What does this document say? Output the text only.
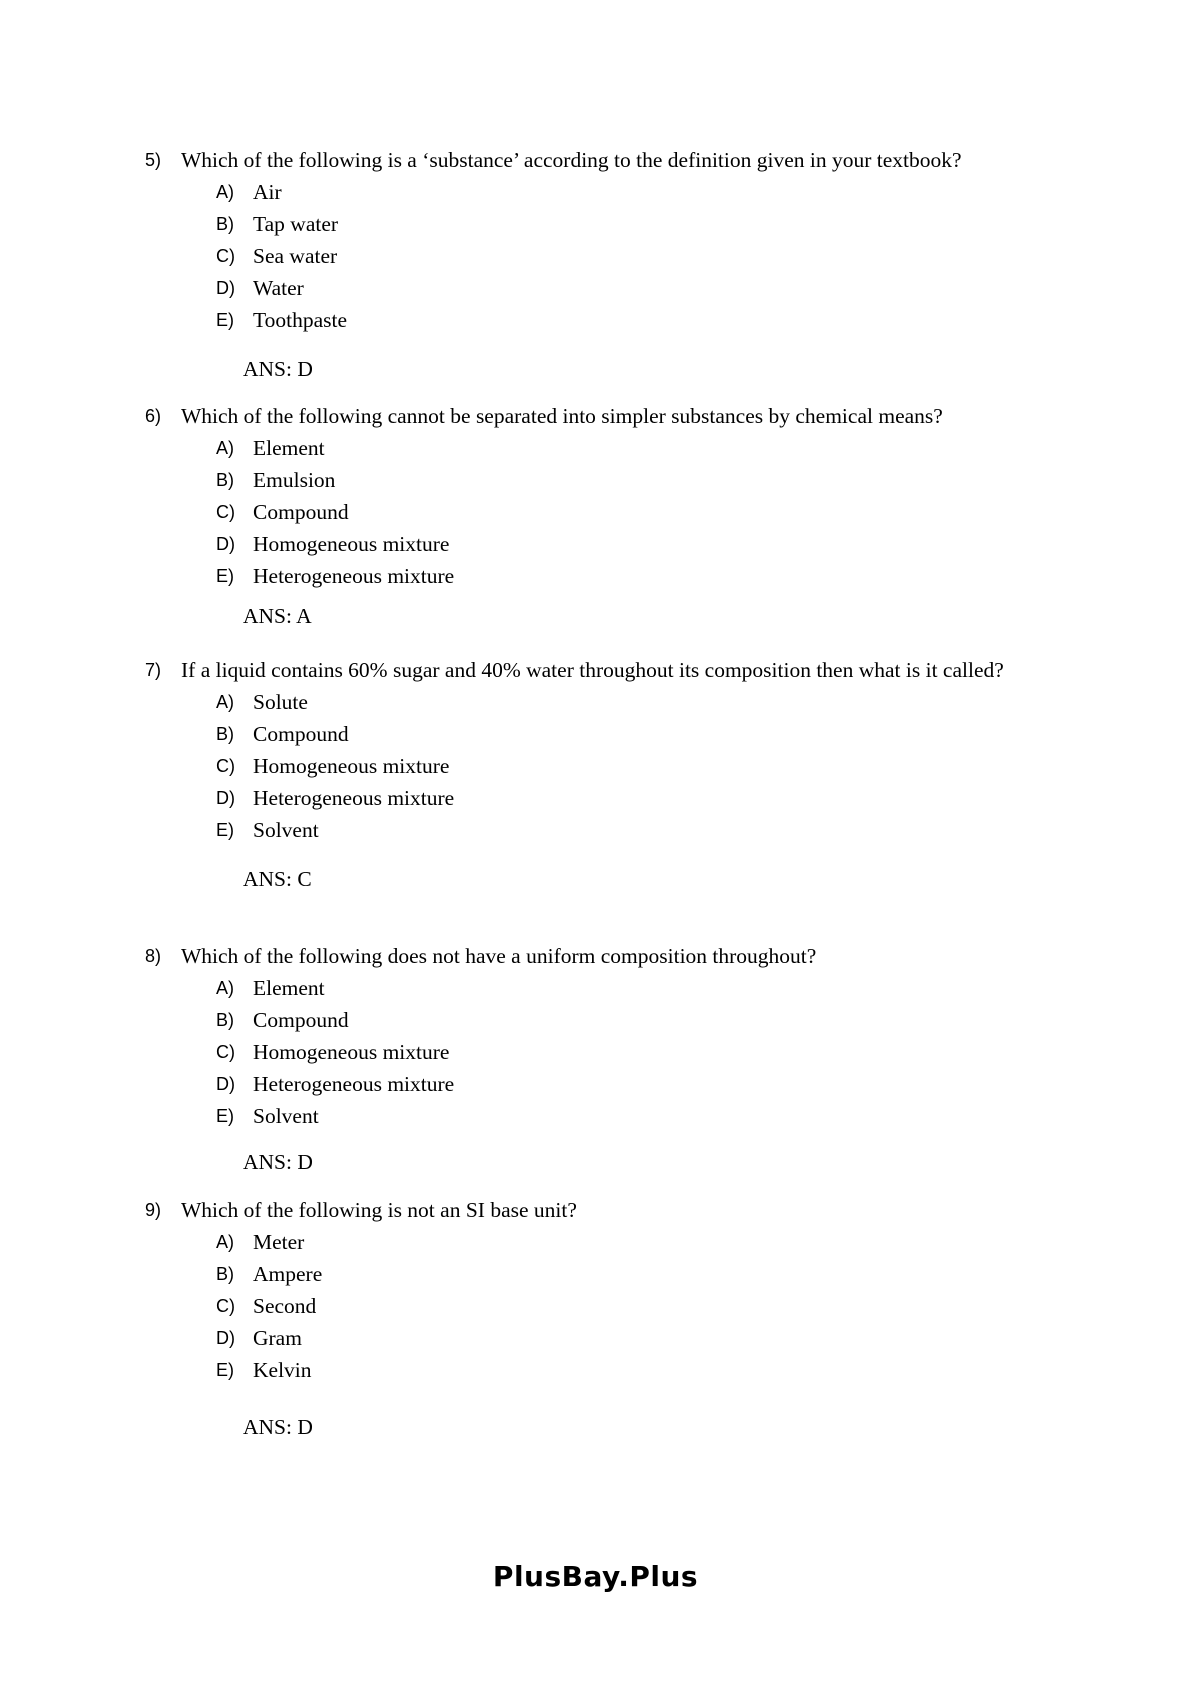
5) Which of the following is a ‘substance’ according to the definition given in your textbook?
A) Air
B) Tap water
C) Sea water
D) Water
E) Toothpaste
ANS: D
6) Which of the following cannot be separated into simpler substances by chemical means?
A) Element
B) Emulsion
C) Compound
D) Homogeneous mixture
E) Heterogeneous mixture
ANS: A
7) If a liquid contains 60% sugar and 40% water throughout its composition then what is it called?
A) Solute
B) Compound
C) Homogeneous mixture
D) Heterogeneous mixture
E) Solvent
ANS: C
8) Which of the following does not have a uniform composition throughout?
A) Element
B) Compound
C) Homogeneous mixture
D) Heterogeneous mixture
E) Solvent
ANS: D
9) Which of the following is not an SI base unit?
A) Meter
B) Ampere
C) Second
D) Gram
E) Kelvin
ANS: D
PlusBay.Plus
